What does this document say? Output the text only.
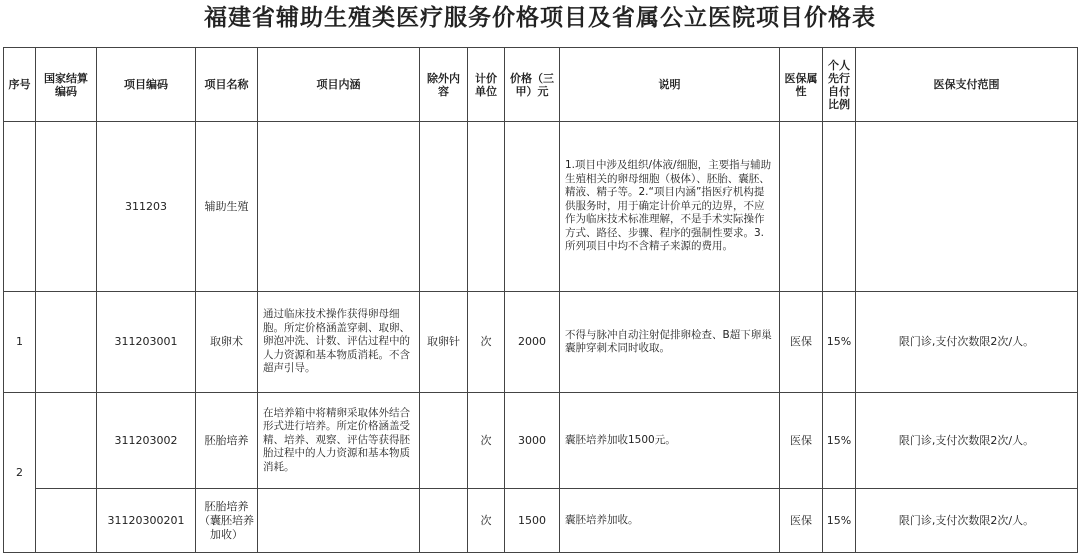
福建省辅助生殖类医疗服务价格项目及省属公立医院项目价格表
序号	国家结算编码	项目编码	项目名称	项目内涵	除外内容	计价单位	价格（三甲）元	说明	医保属性	个人先行自付比例	医保支付范围
		311203	辅助生殖					1.项目中涉及组织/体液/细胞，主要指与辅助生殖相关的卵母细胞（极体）、胚胎、囊胚、精液、精子等。2.“项目内涵”指医疗机构提供服务时，用于确定计价单元的边界，不应作为临床技术标准理解，不是手术实际操作方式、路径、步骤、程序的强制性要求。3.所列项目中均不含精子来源的费用。			
1		311203001	取卵术	通过临床技术操作获得卵母细胞。所定价格涵盖穿刺、取卵、卵泡冲洗、计数、评估过程中的人力资源和基本物质消耗。不含超声引导。	取卵针	次	2000	不得与脉冲自动注射促排卵检查、B超下卵巢囊肿穿刺术同时收取。	医保	15%	限门诊,支付次数限2次/人。
2		311203002	胚胎培养	在培养箱中将精卵采取体外结合形式进行培养。所定价格涵盖受精、培养、观察、评估等获得胚胎过程中的人力资源和基本物质消耗。		次	3000	囊胚培养加收1500元。	医保	15%	限门诊,支付次数限2次/人。
		31120300201	胚胎培养（囊胚培养加收）			次	1500	囊胚培养加收。	医保	15%	限门诊,支付次数限2次/人。
